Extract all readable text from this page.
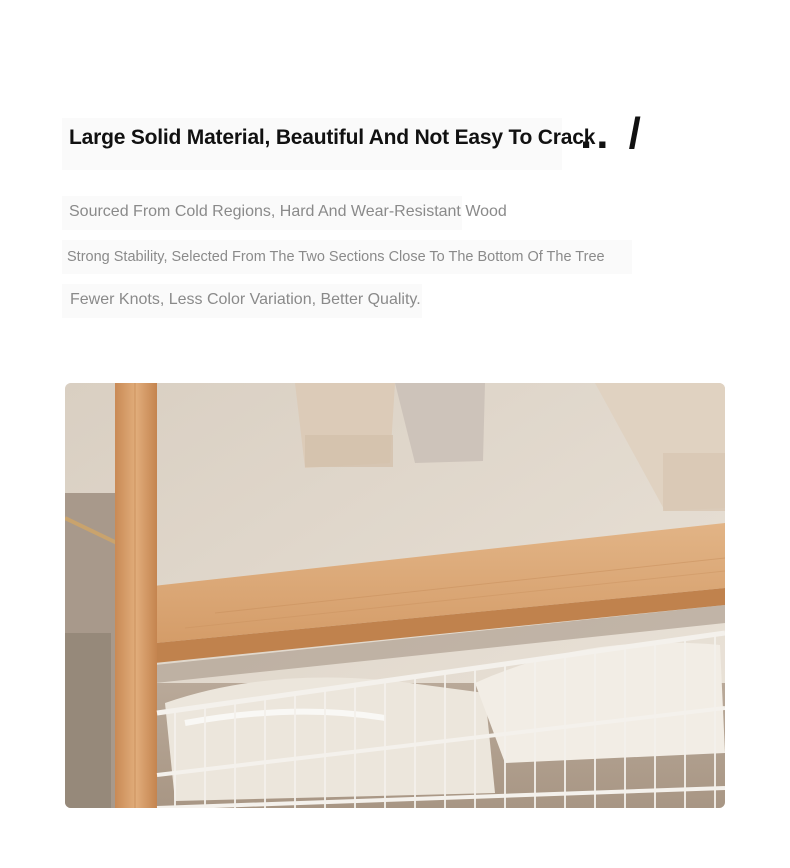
Large Solid Material, Beautiful And Not Easy To Crack
.. /
Sourced From Cold Regions, Hard And Wear-Resistant Wood
Strong Stability, Selected From The Two Sections Close To The Bottom Of The Tree
Fewer Knots, Less Color Variation, Better Quality.
